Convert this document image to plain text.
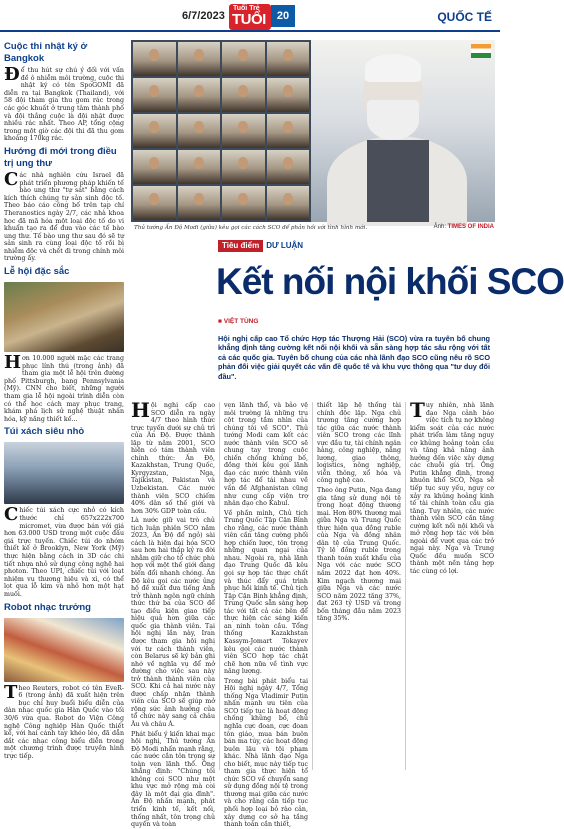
6/7/2023
Tuổi Trẻ
TUỔI	20	QUỐC TẾ
Cuộc thi nhật ký ở Bangkok

Để thu hút sự chú ý đối với vấn đề ô nhiễm môi trường, cuộc thi nhật ký có tên SpoGOMI đã diễn ra tại Bangkok (Thailand), với 58 đội tham gia thu gom rác trong các góc khuất ở trung tâm thành phố và đội thắng cuộc là đội nhặt được nhiều rác nhất. Theo AP, tổng cộng trong một giờ các đội thi đã thu gom khoảng 170kg rác.

Hướng đi mới trong điều trị ung thư

Các nhà nghiên cứu Israel đã phát triển phương pháp khiến tế bào ung thư "tự sát" bằng cách kích thích chúng tự sản sinh độc tố. Theo báo cáo công bố trên tạp chí Theranostics ngày 2/7, các nhà khoa học đã mã hóa một loại độc tố do vi khuẩn tạo ra để đưa vào các tế bào ung thư. Tế bào ung thư sau đó sẽ tự sản sinh ra cùng loại độc tố rồi bị nhiễm độc và chết đi trong chính môi trường ấy.

Lễ hội đặc sắc

Hơn 10.000 người mặc các trang phục lính thú (trong ảnh) đã tham gia một lễ hội trên đường phố Pittsburgh, bang Pennsylvania (Mỹ). CNN cho biết, những người tham gia lễ hội ngoài trình diễn còn có thể học cách may phục trang, khám phá lịch sử nghệ thuật nhân hóa, kỹ năng thiết kế...

Túi xách siêu nhỏ

Chiếc túi xách cực nhỏ có kích thước chỉ 657x222x700 micromet, vừa được bán với giá hơn 63.000 USD trong một cuộc đấu giá trực tuyến. Chiếc túi do nhóm thiết kế ở Brooklyn, New York (Mỹ) thực hiện bằng cách in 3D các chi tiết nhựa nhỏ sử dụng công nghệ hai photon. Theo UPI, chiếc túi với loạt nhiệm vụ thương hiệu và xì, có thể lọt qua lỗ kim và nhỏ hơn một hạt muối.

Robot nhạc trưởng

Theo Reuters, robot có tên EveR-6 (trong ảnh) đã xuất hiện trên bục chỉ huy buổi biểu diễn của dàn nhạc quốc gia Hàn Quốc vào tối 30/6 vừa qua. Robot do Viện Công nghệ Công nghiệp Hàn Quốc thiết kế, với hai cánh tay khéo léo, đã dẫn dắt các nhạc công biểu diễn trong một chương trình được truyền hình trực tiếp.

Thủ tướng Ấn Độ Modi (giữa) kêu gọi các cách SCO để phản hồi với tình hình mới.	Ảnh: TIMES OF INDIA
Tiêu điểm DƯ LUẬN
Kết nối nội khối SCO
■ VIỆT TÙNG
Hội nghị cấp cao Tổ chức Hợp tác Thượng Hải (SCO) vừa ra tuyên bố chung khẳng định tăng cường kết nối nội khối và sẵn sàng hợp tác sâu rộng với tất cả các quốc gia. Tuyên bố chung của các nhà lãnh đạo SCO cũng nêu rõ SCO phản đối việc giải quyết các vấn đề quốc tế và khu vực thông qua "tư duy đối đầu".

Hội nghị cấp cao SCO diễn ra ngày 4/7 theo hình thức trực tuyến dưới sự chủ trì của Ấn Độ. Được thành lập từ năm 2001, SCO hiện có tám thành viên chính thức: Ấn Độ, Kazakhstan, Trung Quốc, Kyrgyzstan, Nga, Tajikistan, Pakistan và Uzbekistan. Các nước thành viên SCO chiếm 40% dân số thế giới và hơn 30% GDP toàn cầu.

Là nước giữ vai trò chủ tịch luân phiên SCO năm 2023, Ấn Độ để ngỏ) sài cách là hiện đại hóa SCO sau hơn hai thập kỷ ra đời nhằm giữ cho tổ chức phù hợp với một thế giới đang biến đổi nhanh chóng. Ấn Độ kêu gọi các nước ủng hộ đề xuất đưa tiếng Anh trở thành ngôn ngữ chính thức thứ ba của SCO để tạo điều kiện giao tiếp hiệu quả hơn giữa các quốc gia thành viên. Tại hội nghị lần này, Iran được tham gia hội nghị với tư cách thành viên, còn Belarus sẽ ký bản ghi nhớ về nghĩa vụ để mở đường cho việc sau này trở thành thành viên của SCO. Khi cả hai nước này được chấp nhận thành viên của SCO sẽ giúp mở rộng sức ảnh hưởng của tổ chức này sang cả châu Âu và châu Á.

Phát biểu ý kiến khai mạc hội nghị, Thủ tướng Ấn Độ Modi nhấn mạnh rằng, các nước cần tôn trọng sự toàn vẹn lãnh thổ. Ông khẳng định: "Chúng tôi không coi SCO như một khu vực mở rộng mà coi đây là một đại gia đình". Ấn Độ nhấn mạnh, phát triển kinh tế, kết nối, thống nhất, tôn trọng chủ quyền và toàn

vẹn lãnh thổ, và bảo vệ môi trường là những trụ cột trong tầm nhìn của chúng tôi về SCO". Thủ tướng Modi cam kết các nước thành viên SCO sẽ chung tay trong cuộc chiến chống khủng bố, đồng thời kêu gọi lãnh đạo các nước thành viên hợp tác để tái nhau về vấn đề Afghanistan cũng như cung cấp viện trợ nhân đạo cho Kabul.

Về phần mình, Chủ tịch Trung Quốc Tập Cận Bình cho rằng, các nước thành viên cần tăng cường phối hợp chiến lược, tôn trọng những quan ngại của nhau. Ngoài ra, nhà lãnh đạo Trung Quốc đã kêu gọi sự hợp tác thực chất và thúc đẩy quá trình phục hồi kinh tế. Chủ tịch Tập Cận Bình khẳng định, Trung Quốc sẵn sàng hợp tác với tất cả các bên để thực hiện các sáng kiến an ninh toàn cầu. Tổng thống Kazakhstan Kassym-Jomart Tokayev kêu gọi các nước thành viên SCO hợp tác chặt chẽ hơn nữa về tình vực năng lượng.

Trong bài phát biểu tại Hội nghị ngày 4/7, Tổng thống Nga Vladimir Putin nhấn mạnh ưu tiên của SCO tiếp tục là hoạt động chống khủng bố, chủ nghĩa cực đoan, cực đoan tôn giáo, mua bán buôn bán ma túy, các hoạt động buôn lậu và tội phạm khác. Nhà lãnh đạo Nga cho biết, mục này tiếp tục tham gia thực hiện tổ chức SCO về chuyển sang sử dụng đồng nội tệ trong thương mại giữa các nước và cho rằng cần tiếp tục phối hợp loại bỏ rào cản, xây dựng cơ sở hạ tầng thanh toán cần thiết,

thiết lập hệ thống tài chính độc lập. Nga chủ trương tăng cường hợp tác giữa các nước thành viên SCO trong các lĩnh vực đầu tư, tài chính ngân hàng, công nghiệp, năng lượng, giao thông, logistics, nông nghiệp, viễn thông, xổ hóa và công nghệ cao.

Theo ông Putin, Nga đang gia tăng sử dụng nội tệ trong hoạt động thương mại. Hơn 80% thương mại giữa Nga và Trung Quốc thực hiện qua đồng ruble của Nga và đồng nhân dân tệ của Trung Quốc. Tỷ lệ đồng ruble trong thanh toán xuất khẩu của Nga với các nước SCO năm 2022 đạt hơn 40%. Kim ngạch thương mại giữa Nga và các nước SCO năm 2022 tăng 37%, đạt 263 tỷ USD và trong bốn tháng đầu năm 2023 tăng 35%.

Tuy nhiên, nhà lãnh đạo Nga cảnh báo việc tích tụ nợ không kiểm soát của các nước phát triển làm tăng nguy cơ khủng hoảng toàn cầu và tăng khả năng ảnh hưởng đến việc xây dựng các chuỗi giá trị. Ông Putin khẳng định, trong khuôn khổ SCO, Nga sẽ tiếp tục suy yếu, nguy cơ xảy ra khủng hoảng kinh tế tài chính toàn cầu gia tăng. Tuy nhiên, các nước thành viên SCO cần tăng cường kết nối nội khối và mở rộng hợp tác với bên ngoài để vượt qua các trở ngại này. Nga và Trung Quốc đều muốn SCO thành một nền tảng hợp tác cùng có lợi.
